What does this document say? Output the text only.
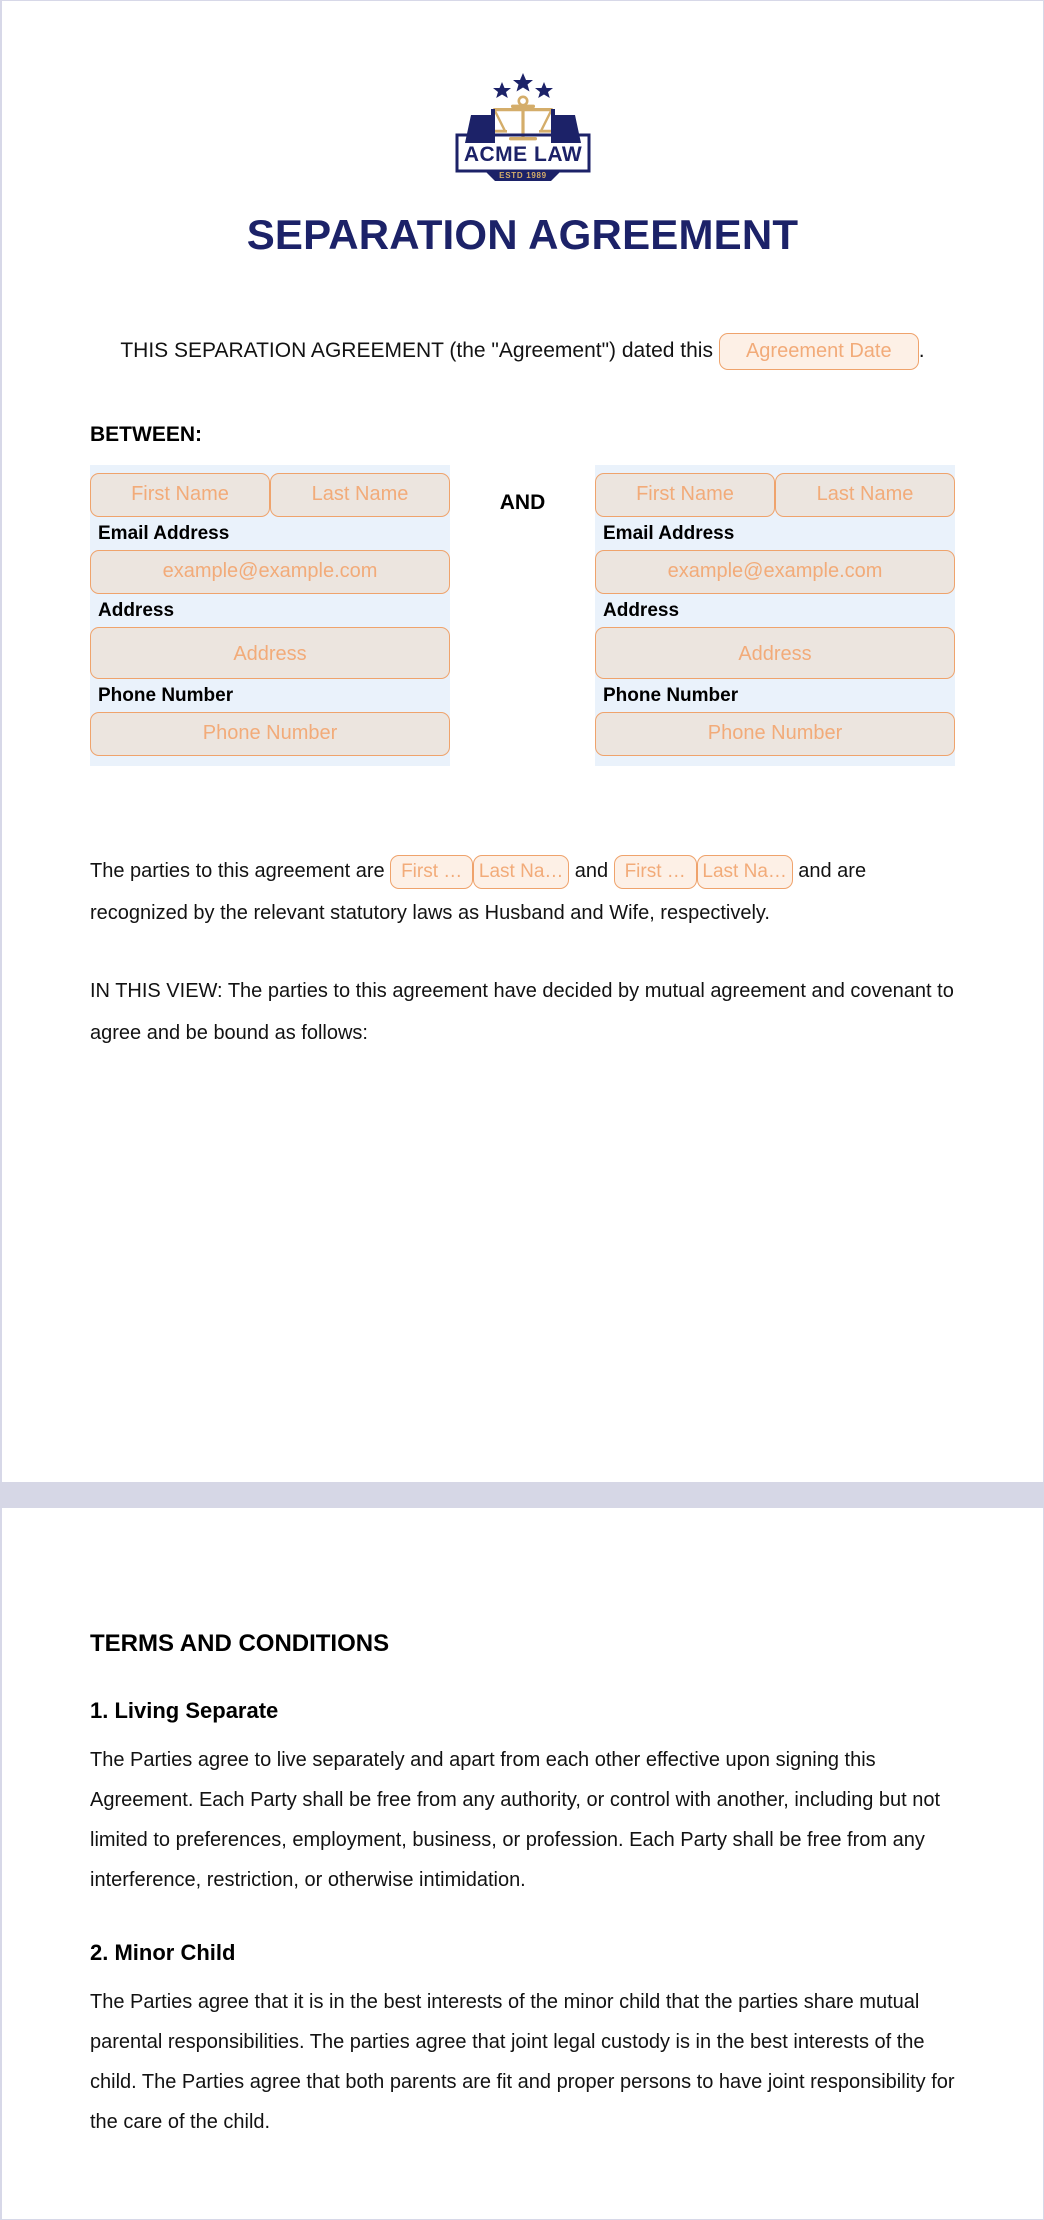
ACME LAW
ESTD 1989
SEPARATION AGREEMENT
THIS SEPARATION AGREEMENT (the "Agreement") dated this Agreement Date .
BETWEEN:
First Name	Last Name
Email Address
example@example.com
Address
Address
Phone Number
Phone Number
AND	First Name	Last Name
Email Address
example@example.com
Address
Address
Phone Number
Phone Number

The parties to this agreement are First … Last Na… and First … Last Na… and are recognized by the relevant statutory laws as Husband and Wife, respectively.

IN THIS VIEW: The parties to this agreement have decided by mutual agreement and covenant to agree and be bound as follows:

TERMS AND CONDITIONS
1. Living Separate
The Parties agree to live separately and apart from each other effective upon signing this Agreement. Each Party shall be free from any authority, or control with another, including but not limited to preferences, employment, business, or profession. Each Party shall be free from any interference, restriction, or otherwise intimidation.
2. Minor Child
The Parties agree that it is in the best interests of the minor child that the parties share mutual parental responsibilities. The parties agree that joint legal custody is in the best interests of the child. The Parties agree that both parents are fit and proper persons to have joint responsibility for the care of the child.
